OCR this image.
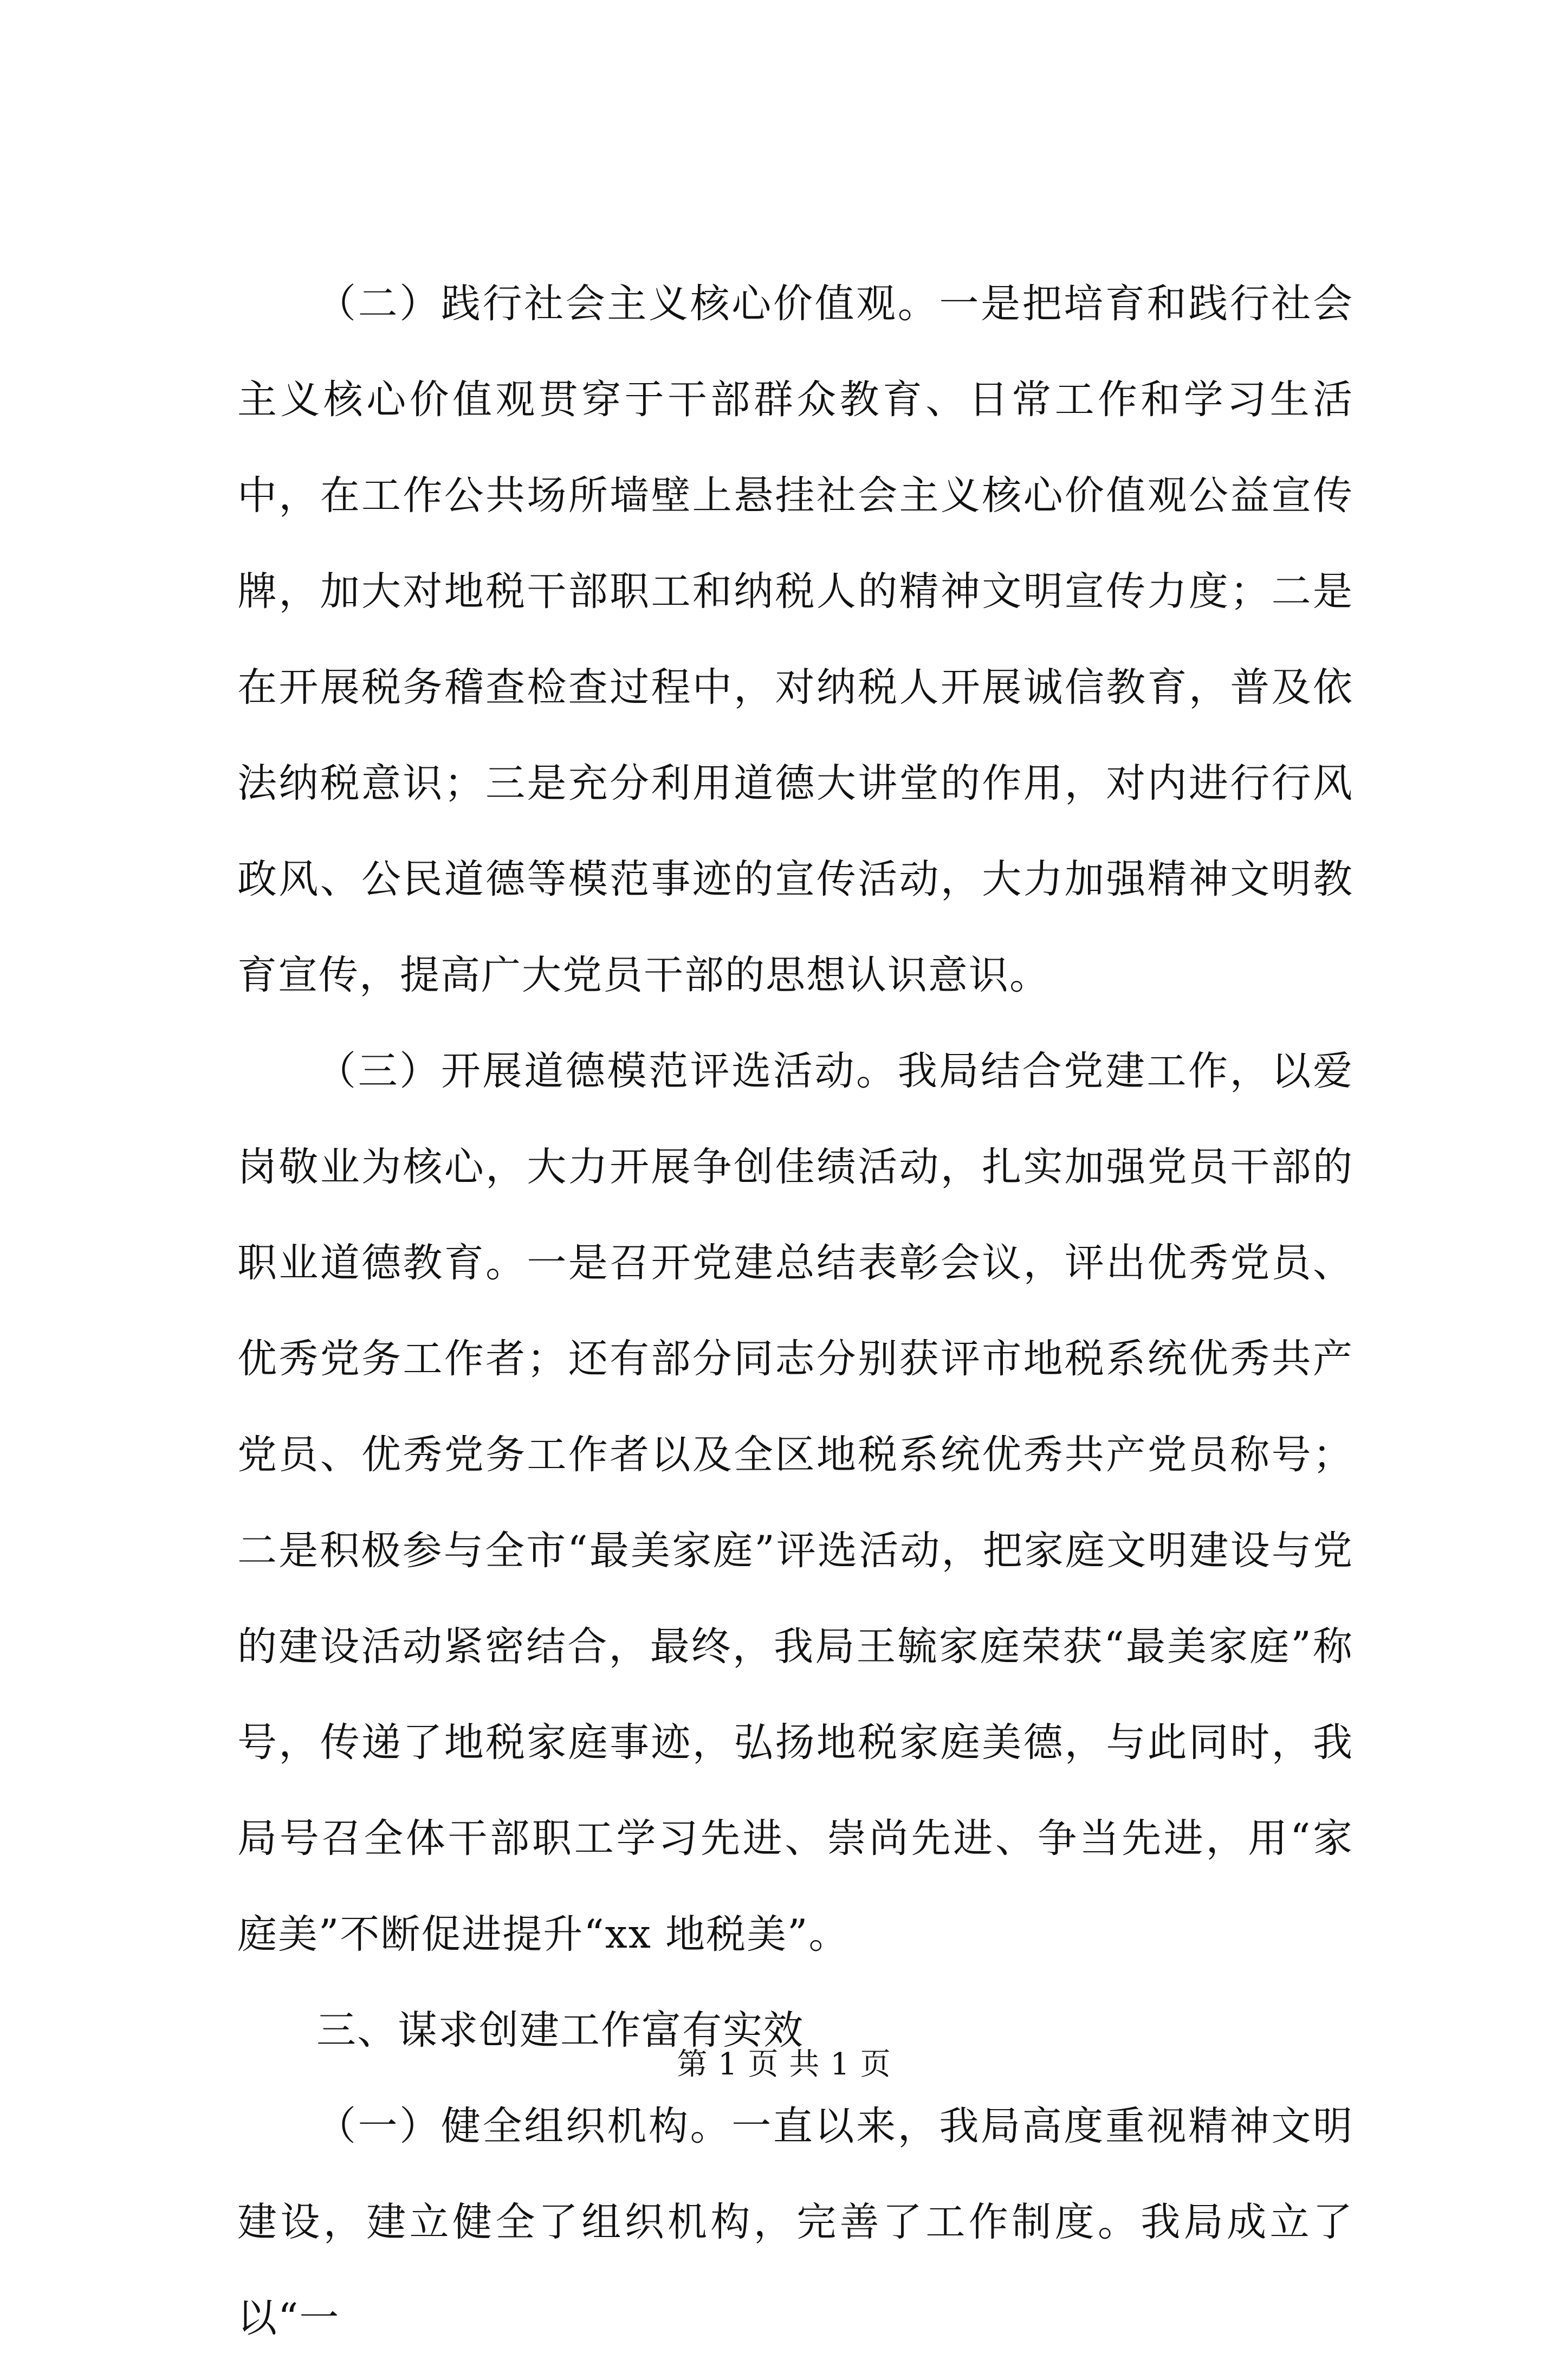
（二）践行社会主义核心价值观。一是把培育和践行社会主义核心价值观贯穿于干部群众教育、日常工作和学习生活中，在工作公共场所墙壁上悬挂社会主义核心价值观公益宣传牌，加大对地税干部职工和纳税人的精神文明宣传力度；二是在开展税务稽查检查过程中，对纳税人开展诚信教育，普及依法纳税意识；三是充分利用道德大讲堂的作用，对内进行行风政风、公民道德等模范事迹的宣传活动，大力加强精神文明教育宣传，提高广大党员干部的思想认识意识。

（三）开展道德模范评选活动。我局结合党建工作，以爱岗敬业为核心，大力开展争创佳绩活动，扎实加强党员干部的职业道德教育。一是召开党建总结表彰会议，评出优秀党员、优秀党务工作者；还有部分同志分别获评市地税系统优秀共产党员、优秀党务工作者以及全区地税系统优秀共产党员称号；二是积极参与全市“最美家庭”评选活动，把家庭文明建设与党的建设活动紧密结合，最终，我局王毓家庭荣获“最美家庭”称号，传递了地税家庭事迹，弘扬地税家庭美德，与此同时，我局号召全体干部职工学习先进、崇尚先进、争当先进，用“家庭美”不断促进提升“xx 地税美”。

三、谋求创建工作富有实效

（一）健全组织机构。一直以来，我局高度重视精神文明建设，建立健全了组织机构，完善了工作制度。我局成立了以“一

第 1 页 共 1 页
